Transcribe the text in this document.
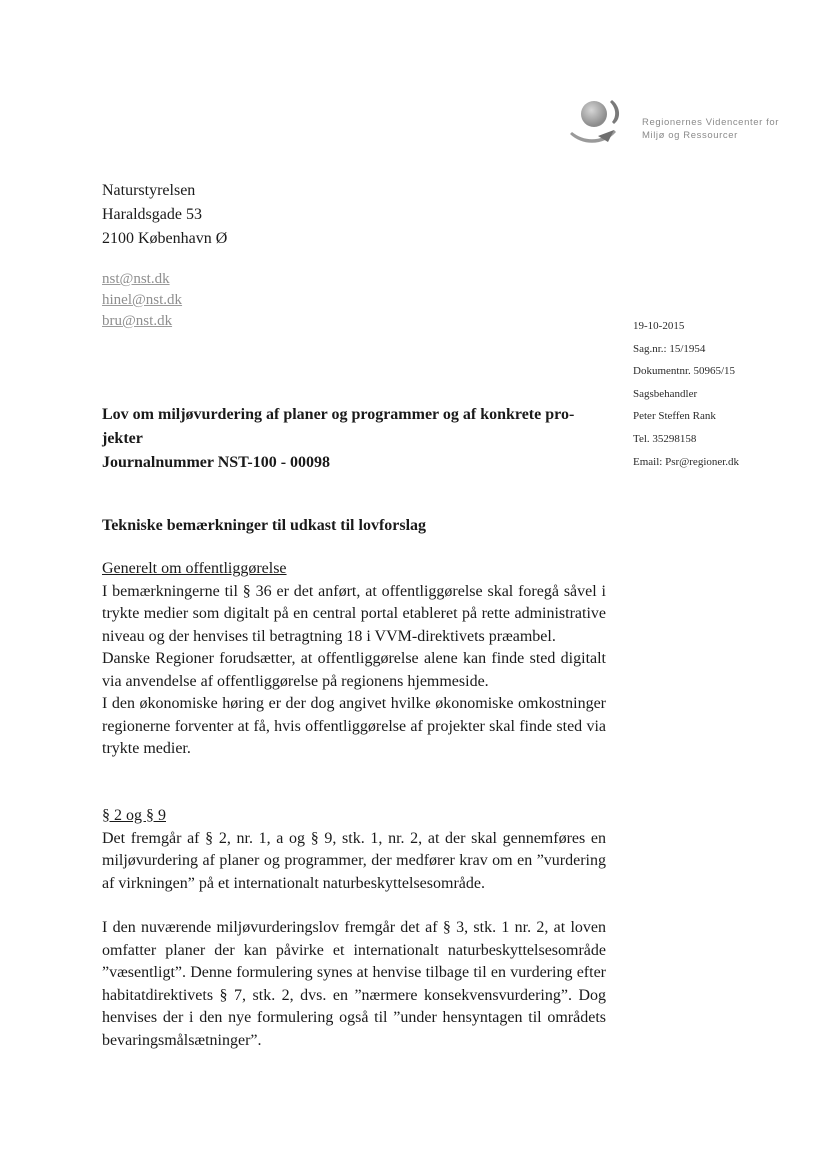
Regionernes Videncenter for
Miljø og Ressourcer
Naturstyrelsen
Haraldsgade 53
2100 København Ø
nst@nst.dk
hinel@nst.dk
bru@nst.dk	19-10-2015
Sag.nr.: 15/1954
Dokumentnr. 50965/15
Sagsbehandler
Peter Steffen Rank
Tel. 35298158
Email: Psr@regioner.dk
Lov om miljøvurdering af planer og programmer og af konkrete pro-
jekter
Journalnummer NST-100 - 00098
Tekniske bemærkninger til udkast til lovforslag
Generelt om offentliggørelse

I bemærkningerne til § 36 er det anført, at offentliggørelse skal foregå såvel i trykte medier som digitalt på en central portal etableret på rette administrative niveau og der henvises til betragtning 18 i VVM-direktivets præambel.

Danske Regioner forudsætter, at offentliggørelse alene kan finde sted digitalt via anvendelse af offentliggørelse på regionens hjemmeside.

I den økonomiske høring er der dog angivet hvilke økonomiske omkostninger regionerne forventer at få, hvis offentliggørelse af projekter skal finde sted via trykte medier.

§ 2 og § 9

Det fremgår af § 2, nr. 1, a og § 9, stk. 1, nr. 2, at der skal gennemføres en miljøvurdering af planer og programmer, der medfører krav om en ”vurdering af virkningen” på et internationalt naturbeskyttelsesområde.

I den nuværende miljøvurderingslov fremgår det af § 3, stk. 1 nr. 2, at loven omfatter planer der kan påvirke et internationalt naturbeskyttelsesområde ”væsentligt”. Denne formulering synes at henvise tilbage til en vurdering efter habitatdirektivets § 7, stk. 2, dvs. en ”nærmere konsekvensvurdering”. Dog henvises der i den nye formulering også til ”under hensyntagen til områdets bevaringsmålsætninger”.
